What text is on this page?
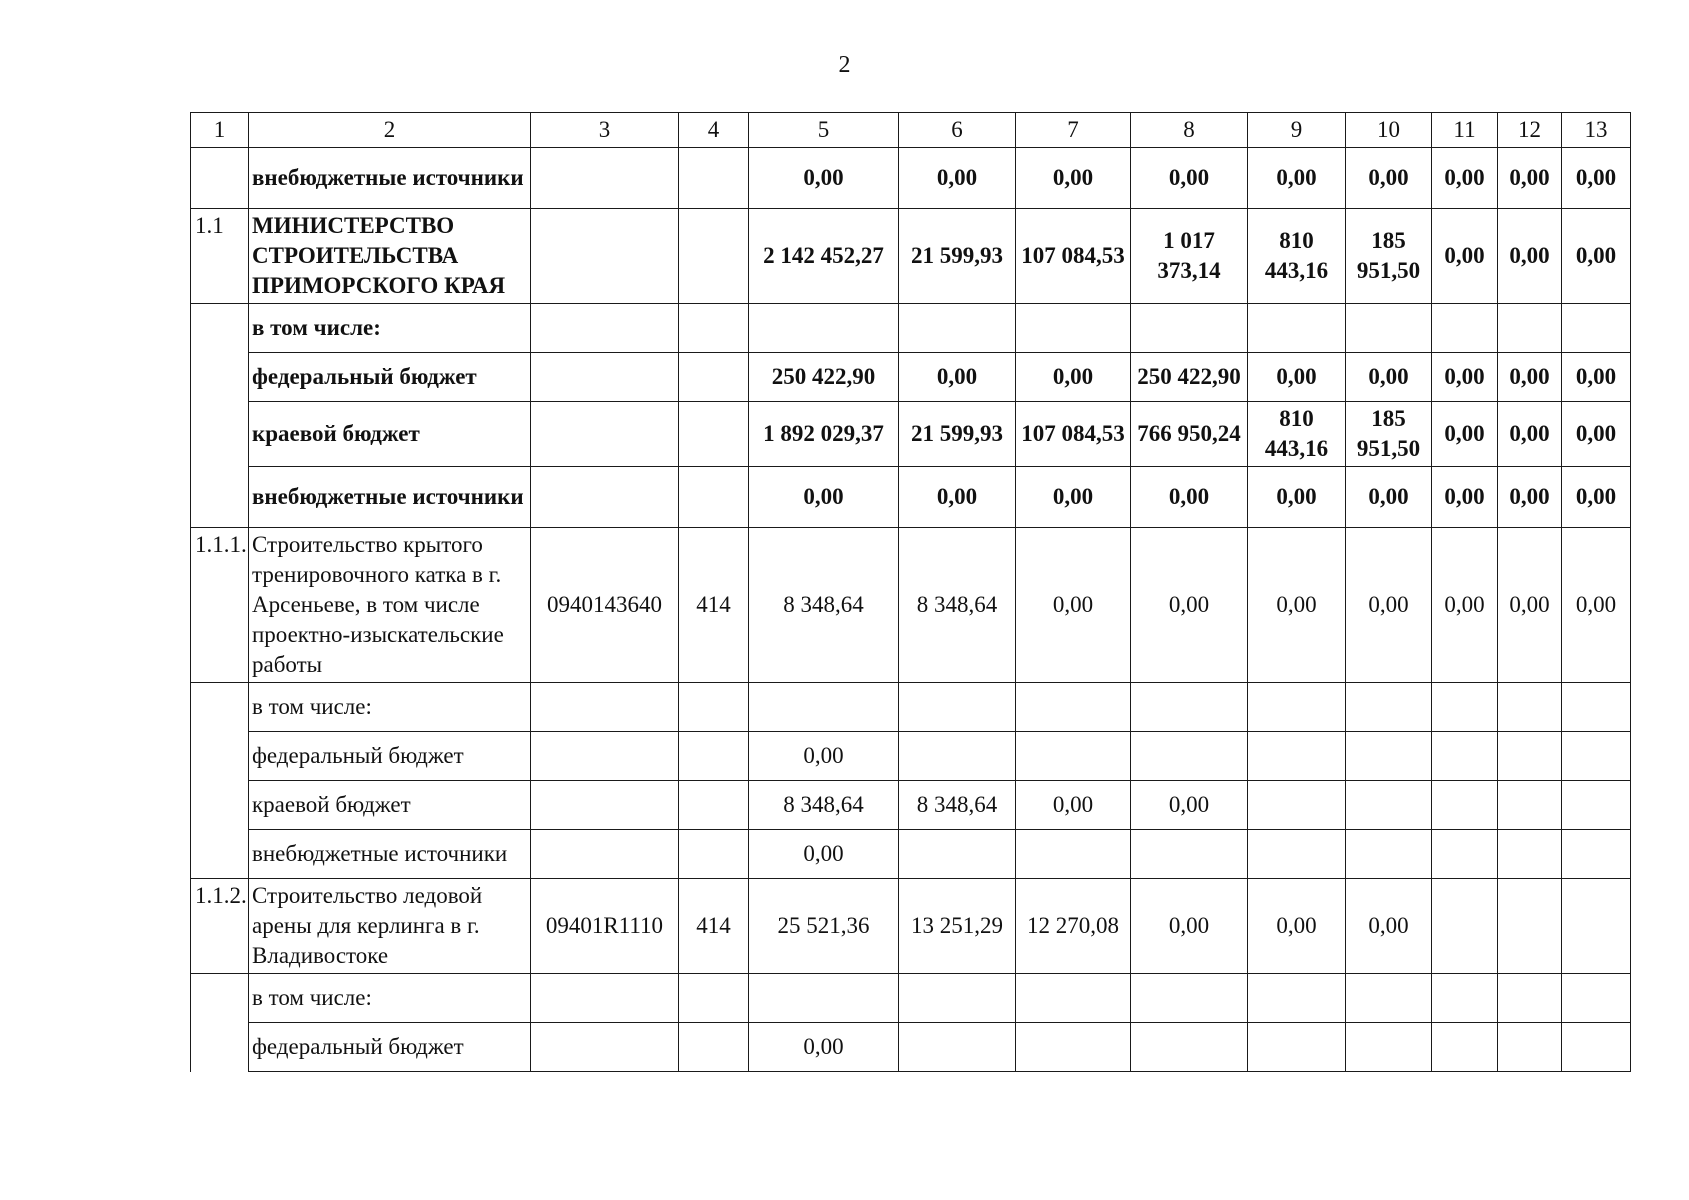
2
1	2	3	4	5	6	7	8	9	10	11	12	13
	внебюджетные источники			0,00	0,00	0,00	0,00	0,00	0,00	0,00	0,00	0,00
1.1	МИНИСТЕРСТВО СТРОИТЕЛЬСТВА ПРИМОРСКОГО КРАЯ			2 142 452,27	21 599,93	107 084,53	1 017 373,14	810 443,16	185 951,50	0,00	0,00	0,00
	в том числе:											
	федеральный бюджет			250 422,90	0,00	0,00	250 422,90	0,00	0,00	0,00	0,00	0,00
	краевой бюджет			1 892 029,37	21 599,93	107 084,53	766 950,24	810 443,16	185 951,50	0,00	0,00	0,00
	внебюджетные источники			0,00	0,00	0,00	0,00	0,00	0,00	0,00	0,00	0,00
1.1.1.	Строительство крытого тренировочного катка в г. Арсеньеве, в том числе проектно-изыскательские работы	0940143640	414	8 348,64	8 348,64	0,00	0,00	0,00	0,00	0,00	0,00	0,00
	в том числе:											
	федеральный бюджет			0,00								
	краевой бюджет			8 348,64	8 348,64	0,00	0,00					
	внебюджетные источники			0,00								
1.1.2.	Строительство ледовой арены для керлинга в г. Владивостоке	09401R1110	414	25 521,36	13 251,29	12 270,08	0,00	0,00	0,00			
	в том числе:											
	федеральный бюджет			0,00								
